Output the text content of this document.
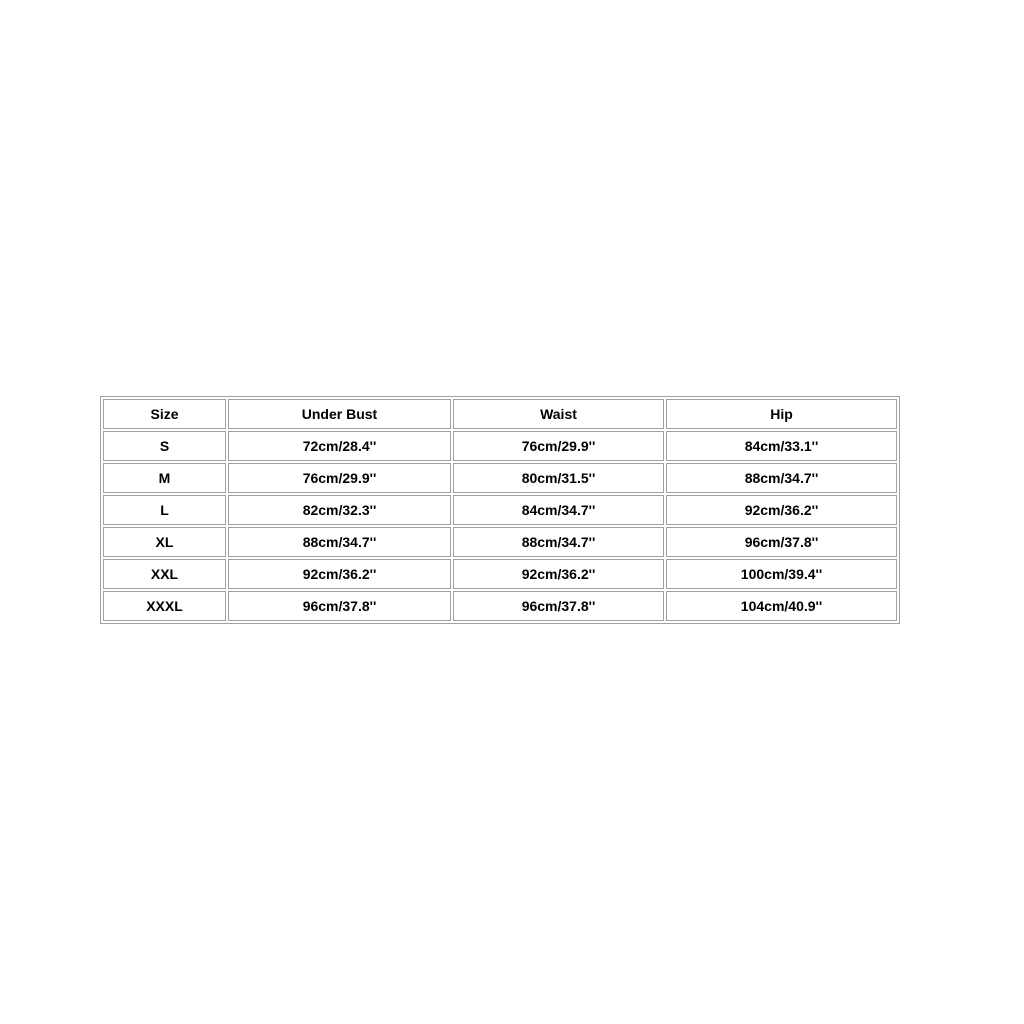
Size	Under Bust	Waist	Hip
S	72cm/28.4''	76cm/29.9''	84cm/33.1''
M	76cm/29.9''	80cm/31.5''	88cm/34.7''
L	82cm/32.3''	84cm/34.7''	92cm/36.2''
XL	88cm/34.7''	88cm/34.7''	96cm/37.8''
XXL	92cm/36.2''	92cm/36.2''	100cm/39.4''
XXXL	96cm/37.8''	96cm/37.8''	104cm/40.9''
